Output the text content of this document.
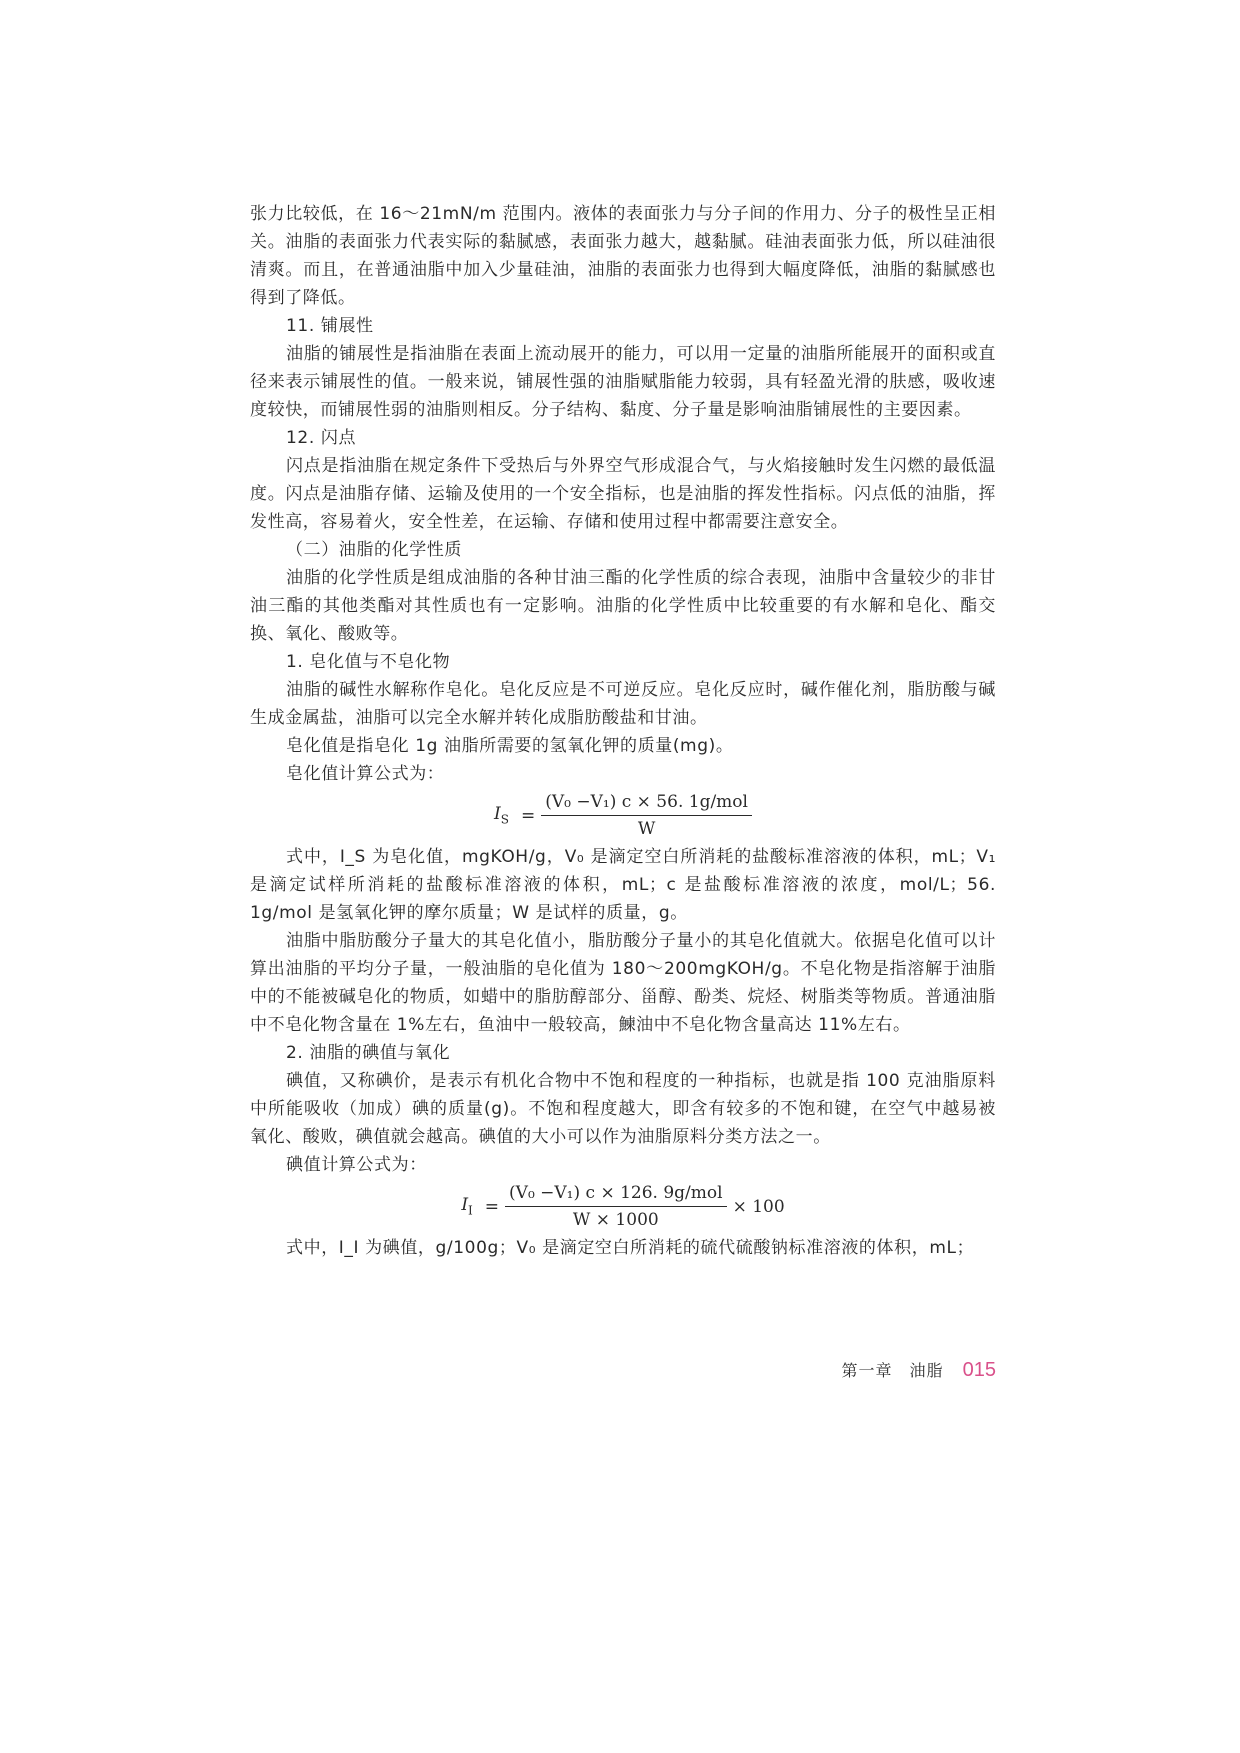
张力比较低，在 16～21mN/m 范围内。液体的表面张力与分子间的作用力、分子的极性呈正相关。油脂的表面张力代表实际的黏腻感，表面张力越大，越黏腻。硅油表面张力低，所以硅油很清爽。而且，在普通油脂中加入少量硅油，油脂的表面张力也得到大幅度降低，油脂的黏腻感也得到了降低。

11. 铺展性

油脂的铺展性是指油脂在表面上流动展开的能力，可以用一定量的油脂所能展开的面积或直径来表示铺展性的值。一般来说，铺展性强的油脂赋脂能力较弱，具有轻盈光滑的肤感，吸收速度较快，而铺展性弱的油脂则相反。分子结构、黏度、分子量是影响油脂铺展性的主要因素。

12. 闪点

闪点是指油脂在规定条件下受热后与外界空气形成混合气，与火焰接触时发生闪燃的最低温度。闪点是油脂存储、运输及使用的一个安全指标，也是油脂的挥发性指标。闪点低的油脂，挥发性高，容易着火，安全性差，在运输、存储和使用过程中都需要注意安全。

（二）油脂的化学性质

油脂的化学性质是组成油脂的各种甘油三酯的化学性质的综合表现，油脂中含量较少的非甘油三酯的其他类酯对其性质也有一定影响。油脂的化学性质中比较重要的有水解和皂化、酯交换、氧化、酸败等。

1. 皂化值与不皂化物

油脂的碱性水解称作皂化。皂化反应是不可逆反应。皂化反应时，碱作催化剂，脂肪酸与碱生成金属盐，油脂可以完全水解并转化成脂肪酸盐和甘油。

皂化值是指皂化 1g 油脂所需要的氢氧化钾的质量(mg)。

皂化值计算公式为：

$I_S = \frac{\text{(V₀ −V₁) c × 56. 1g/mol}}{W}$

式中，I_S 为皂化值，mgKOH/g，V₀ 是滴定空白所消耗的盐酸标准溶液的体积，mL；V₁ 是滴定试样所消耗的盐酸标准溶液的体积，mL；c 是盐酸标准溶液的浓度，mol/L；56. 1g/mol 是氢氧化钾的摩尔质量；W 是试样的质量，g。

油脂中脂肪酸分子量大的其皂化值小，脂肪酸分子量小的其皂化值就大。依据皂化值可以计算出油脂的平均分子量，一般油脂的皂化值为 180～200mgKOH/g。不皂化物是指溶解于油脂中的不能被碱皂化的物质，如蜡中的脂肪醇部分、甾醇、酚类、烷烃、树脂类等物质。普通油脂中不皂化物含量在 1%左右，鱼油中一般较高，鰊油中不皂化物含量高达 11%左右。

2. 油脂的碘值与氧化

碘值，又称碘价，是表示有机化合物中不饱和程度的一种指标，也就是指 100 克油脂原料中所能吸收（加成）碘的质量(g)。不饱和程度越大，即含有较多的不饱和键，在空气中越易被氧化、酸败，碘值就会越高。碘值的大小可以作为油脂原料分类方法之一。

碘值计算公式为：

$I_I = \frac{\text{(V₀ −V₁) c × 126. 9g/mol}}{W \times 1000} \times 100$

式中，I_I 为碘值，g/100g；V₀ 是滴定空白所消耗的硫代硫酸钠标准溶液的体积，mL；

第一章　油脂 015
